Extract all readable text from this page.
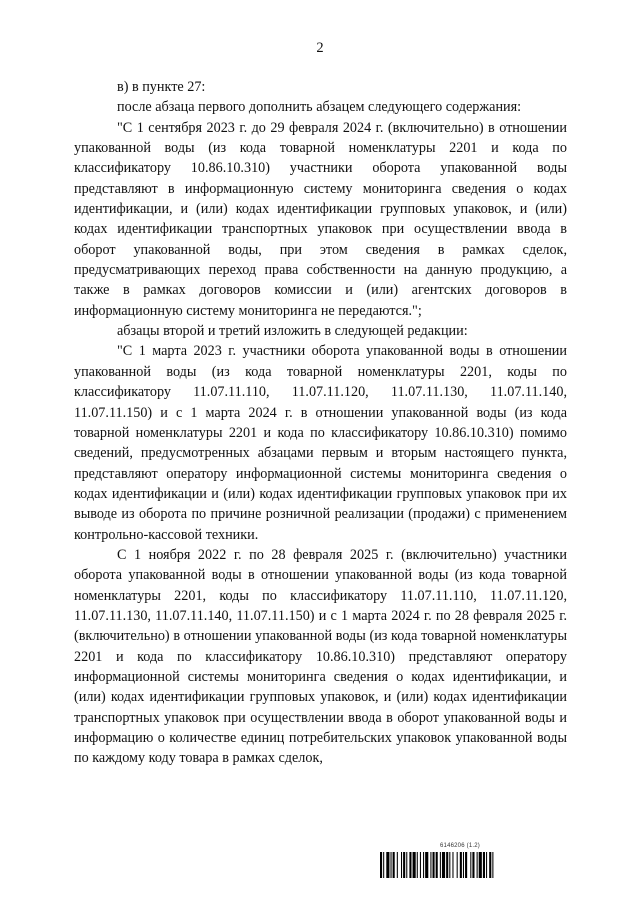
2

в) в пункте 27:

после абзаца первого дополнить абзацем следующего содержания:

"С 1 сентября 2023 г. до 29 февраля 2024 г. (включительно) в отношении упакованной воды (из кода товарной номенклатуры 2201 и кода по классификатору 10.86.10.310) участники оборота упакованной воды представляют в информационную систему мониторинга сведения о кодах идентификации, и (или) кодах идентификации групповых упаковок, и (или) кодах идентификации транспортных упаковок при осуществлении ввода в оборот упакованной воды, при этом сведения в рамках сделок, предусматривающих переход права собственности на данную продукцию, а также в рамках договоров комиссии и (или) агентских договоров в информационную систему мониторинга не передаются.";

абзацы второй и третий изложить в следующей редакции:

"С 1 марта 2023 г. участники оборота упакованной воды в отношении упакованной воды (из кода товарной номенклатуры 2201, коды по классификатору 11.07.11.110, 11.07.11.120, 11.07.11.130, 11.07.11.140, 11.07.11.150) и с 1 марта 2024 г. в отношении упакованной воды (из кода товарной номенклатуры 2201 и кода по классификатору 10.86.10.310) помимо сведений, предусмотренных абзацами первым и вторым настоящего пункта, представляют оператору информационной системы мониторинга сведения о кодах идентификации и (или) кодах идентификации групповых упаковок при их выводе из оборота по причине розничной реализации (продажи) с применением контрольно-кассовой техники.

С 1 ноября 2022 г. по 28 февраля 2025 г. (включительно) участники оборота упакованной воды в отношении упакованной воды (из кода товарной номенклатуры 2201, коды по классификатору 11.07.11.110, 11.07.11.120, 11.07.11.130, 11.07.11.140, 11.07.11.150) и с 1 марта 2024 г. по 28 февраля 2025 г. (включительно) в отношении упакованной воды (из кода товарной номенклатуры 2201 и кода по классификатору 10.86.10.310) представляют оператору информационной системы мониторинга сведения о кодах идентификации, и (или) кодах идентификации групповых упаковок, и (или) кодах идентификации транспортных упаковок при осуществлении ввода в оборот упакованной воды и информацию о количестве единиц потребительских упаковок упакованной воды по каждому коду товара в рамках сделок,

6146206 (1.2)
